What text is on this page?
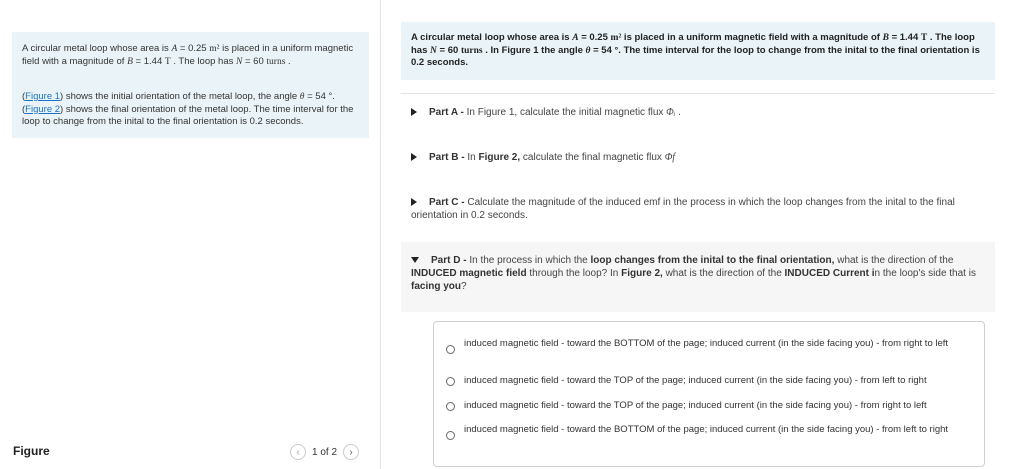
A circular metal loop whose area is A = 0.25 m² is placed in a uniform magnetic field with a magnitude of B = 1.44 T . The loop has N = 60 turns .

(Figure 1) shows the initial orientation of the metal loop, the angle θ = 54 °. (Figure 2) shows the final orientation of the metal loop. The time interval for the loop to change from the inital to the final orientation is 0.2 seconds.

Figure	‹ 1 of 2 ›
A circular metal loop whose area is A = 0.25 m² is placed in a uniform magnetic field with a magnitude of B = 1.44 T . The loop has N = 60 turns . In Figure 1 the angle θ = 54 °. The time interval for the loop to change from the inital to the final orientation is 0.2 seconds.
Part A - In Figure 1, calculate the initial magnetic flux Φᵢ .
Part B - In Figure 2, calculate the final magnetic flux Φf
Part C - Calculate the magnitude of the induced emf in the process in which the loop changes from the inital to the final orientation in 0.2 seconds.
Part D - In the process in which the loop changes from the inital to the final orientation, what is the direction of the INDUCED magnetic field through the loop? In Figure 2, what is the direction of the INDUCED Current in the loop's side that is facing you?
induced magnetic field - toward the BOTTOM of the page; induced current (in the side facing you) - from right to left
induced magnetic field - toward the TOP of the page; induced current (in the side facing you) - from left to right
induced magnetic field - toward the TOP of the page; induced current (in the side facing you) - from right to left
induced magnetic field - toward the BOTTOM of the page; induced current (in the side facing you) - from left to right
